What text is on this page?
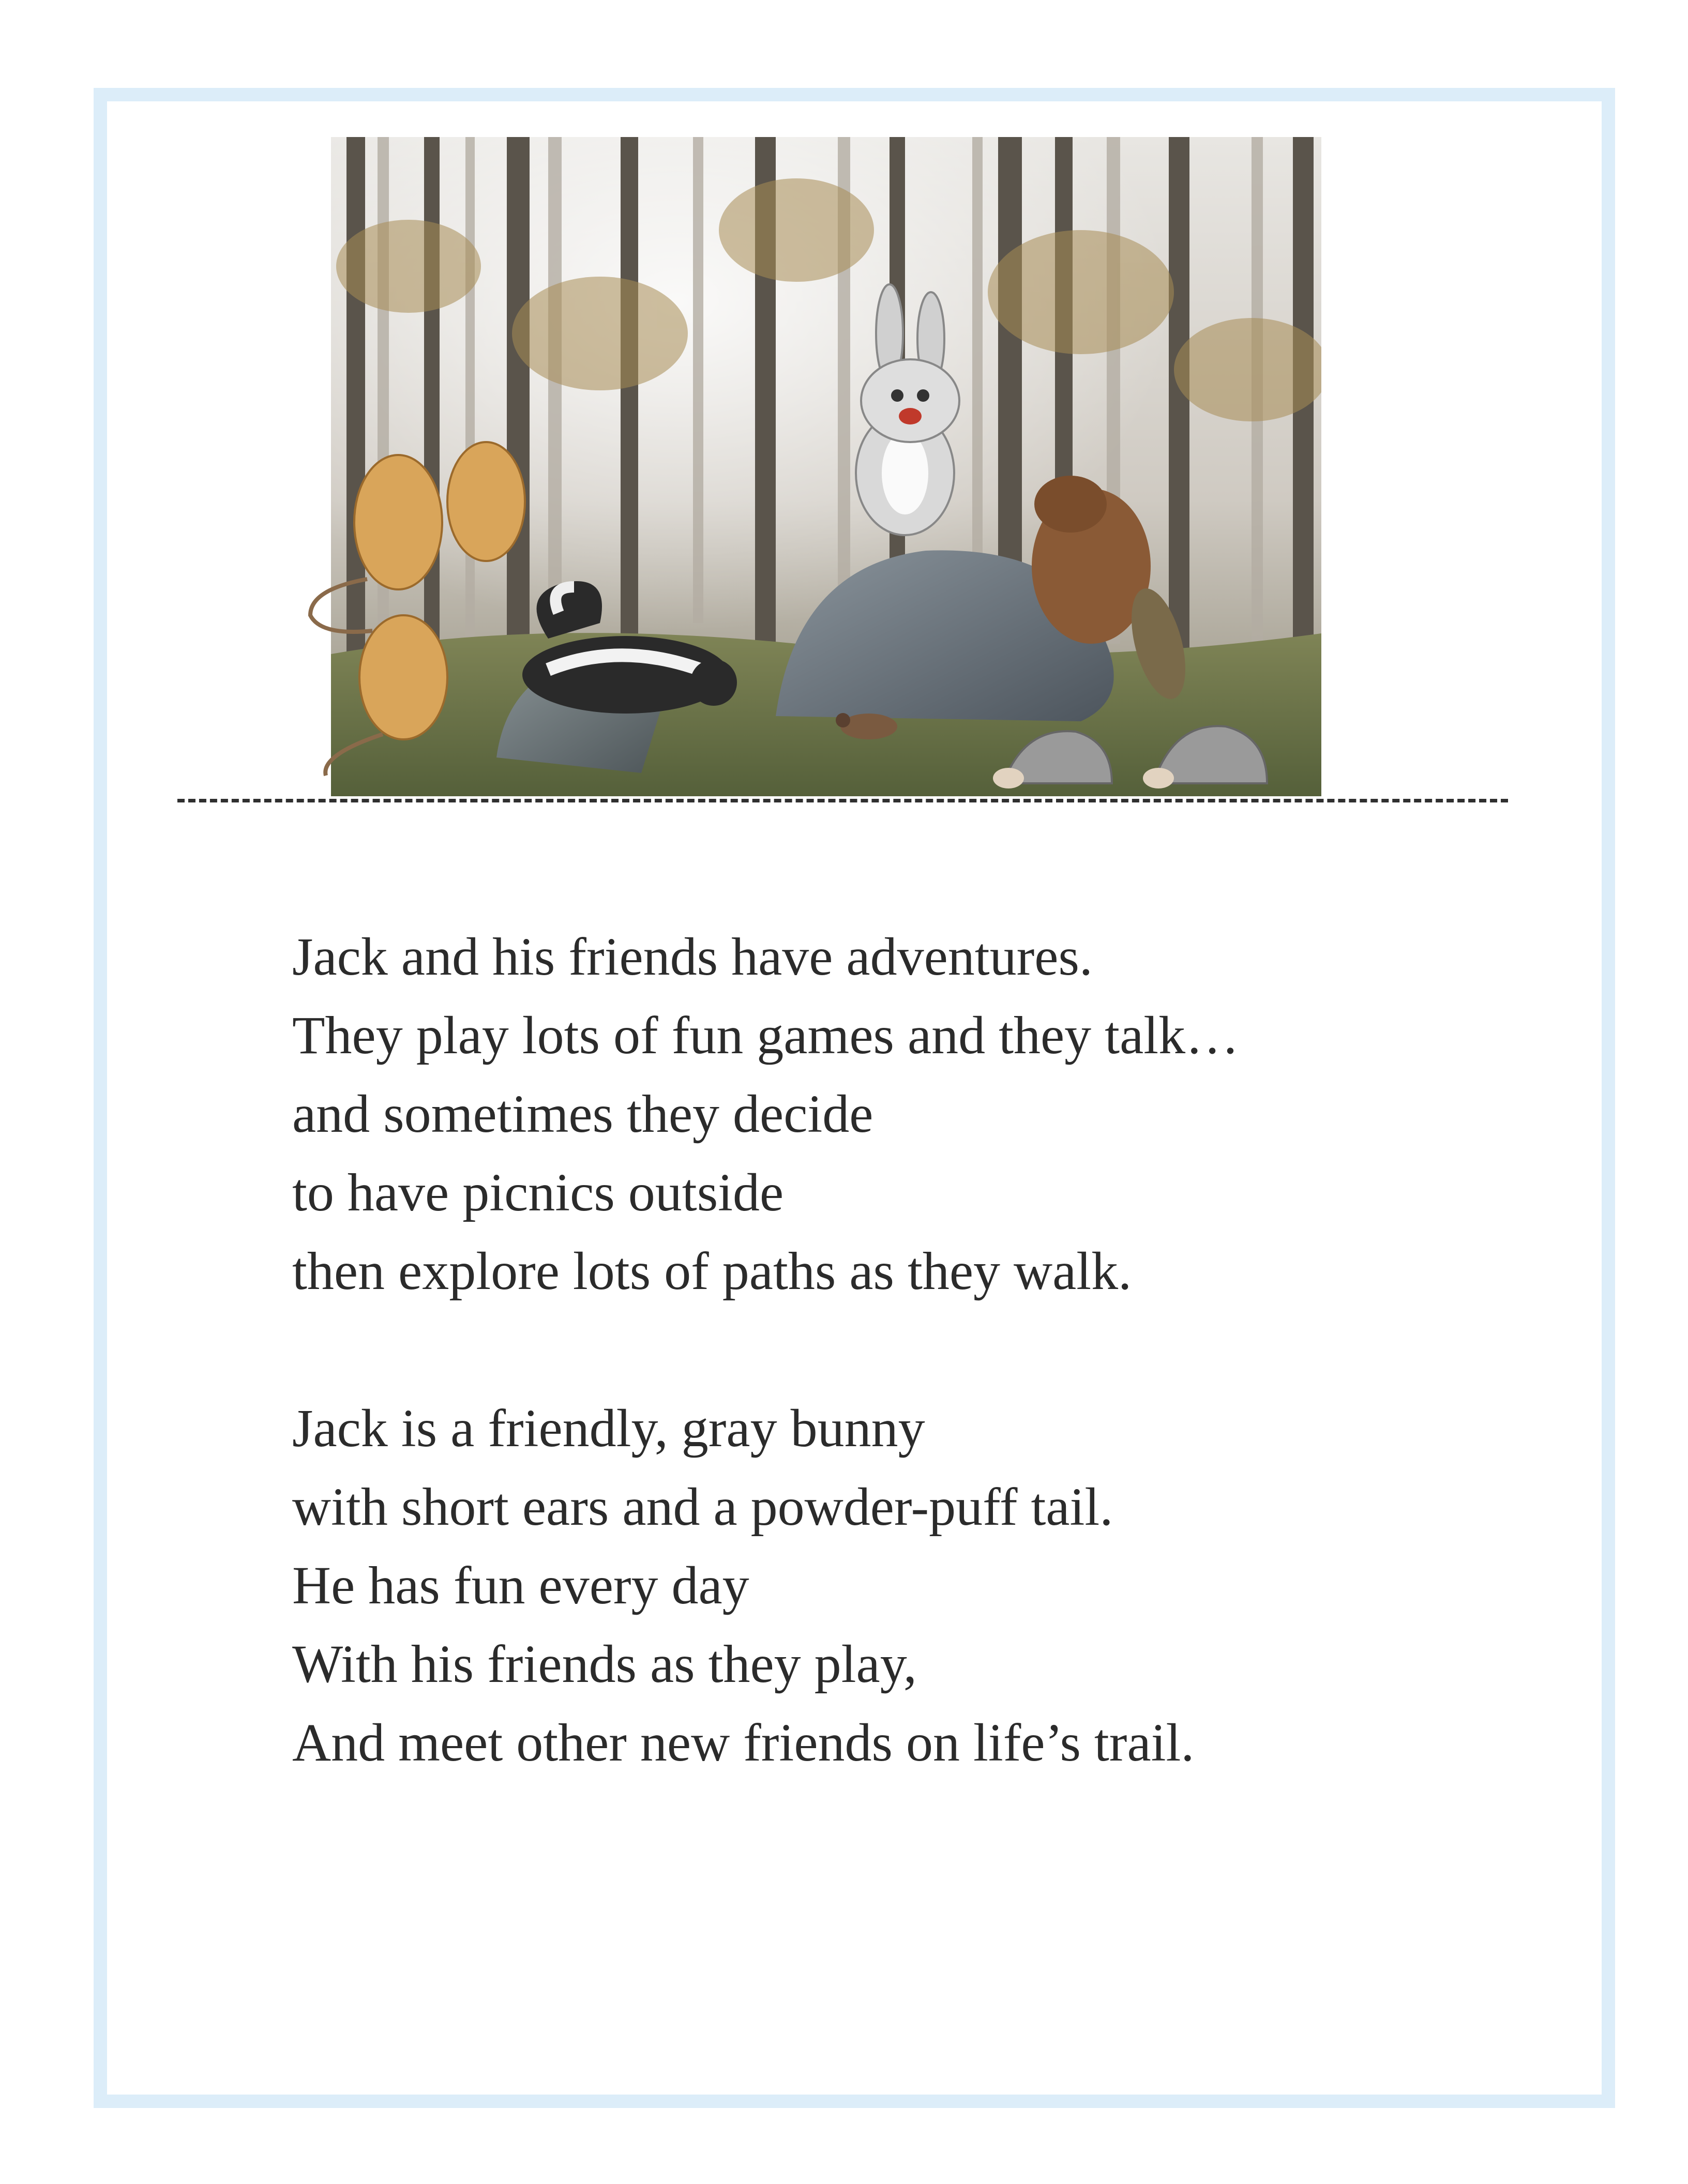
Jack and his friends have adventures.
They play lots of fun games and they talk…
and sometimes they decide
to have picnics outside
then explore lots of paths as they walk.
Jack is a friendly, gray bunny
with short ears and a powder-puff tail.
He has fun every day
With his friends as they play,
And meet other new friends on life’s trail.
